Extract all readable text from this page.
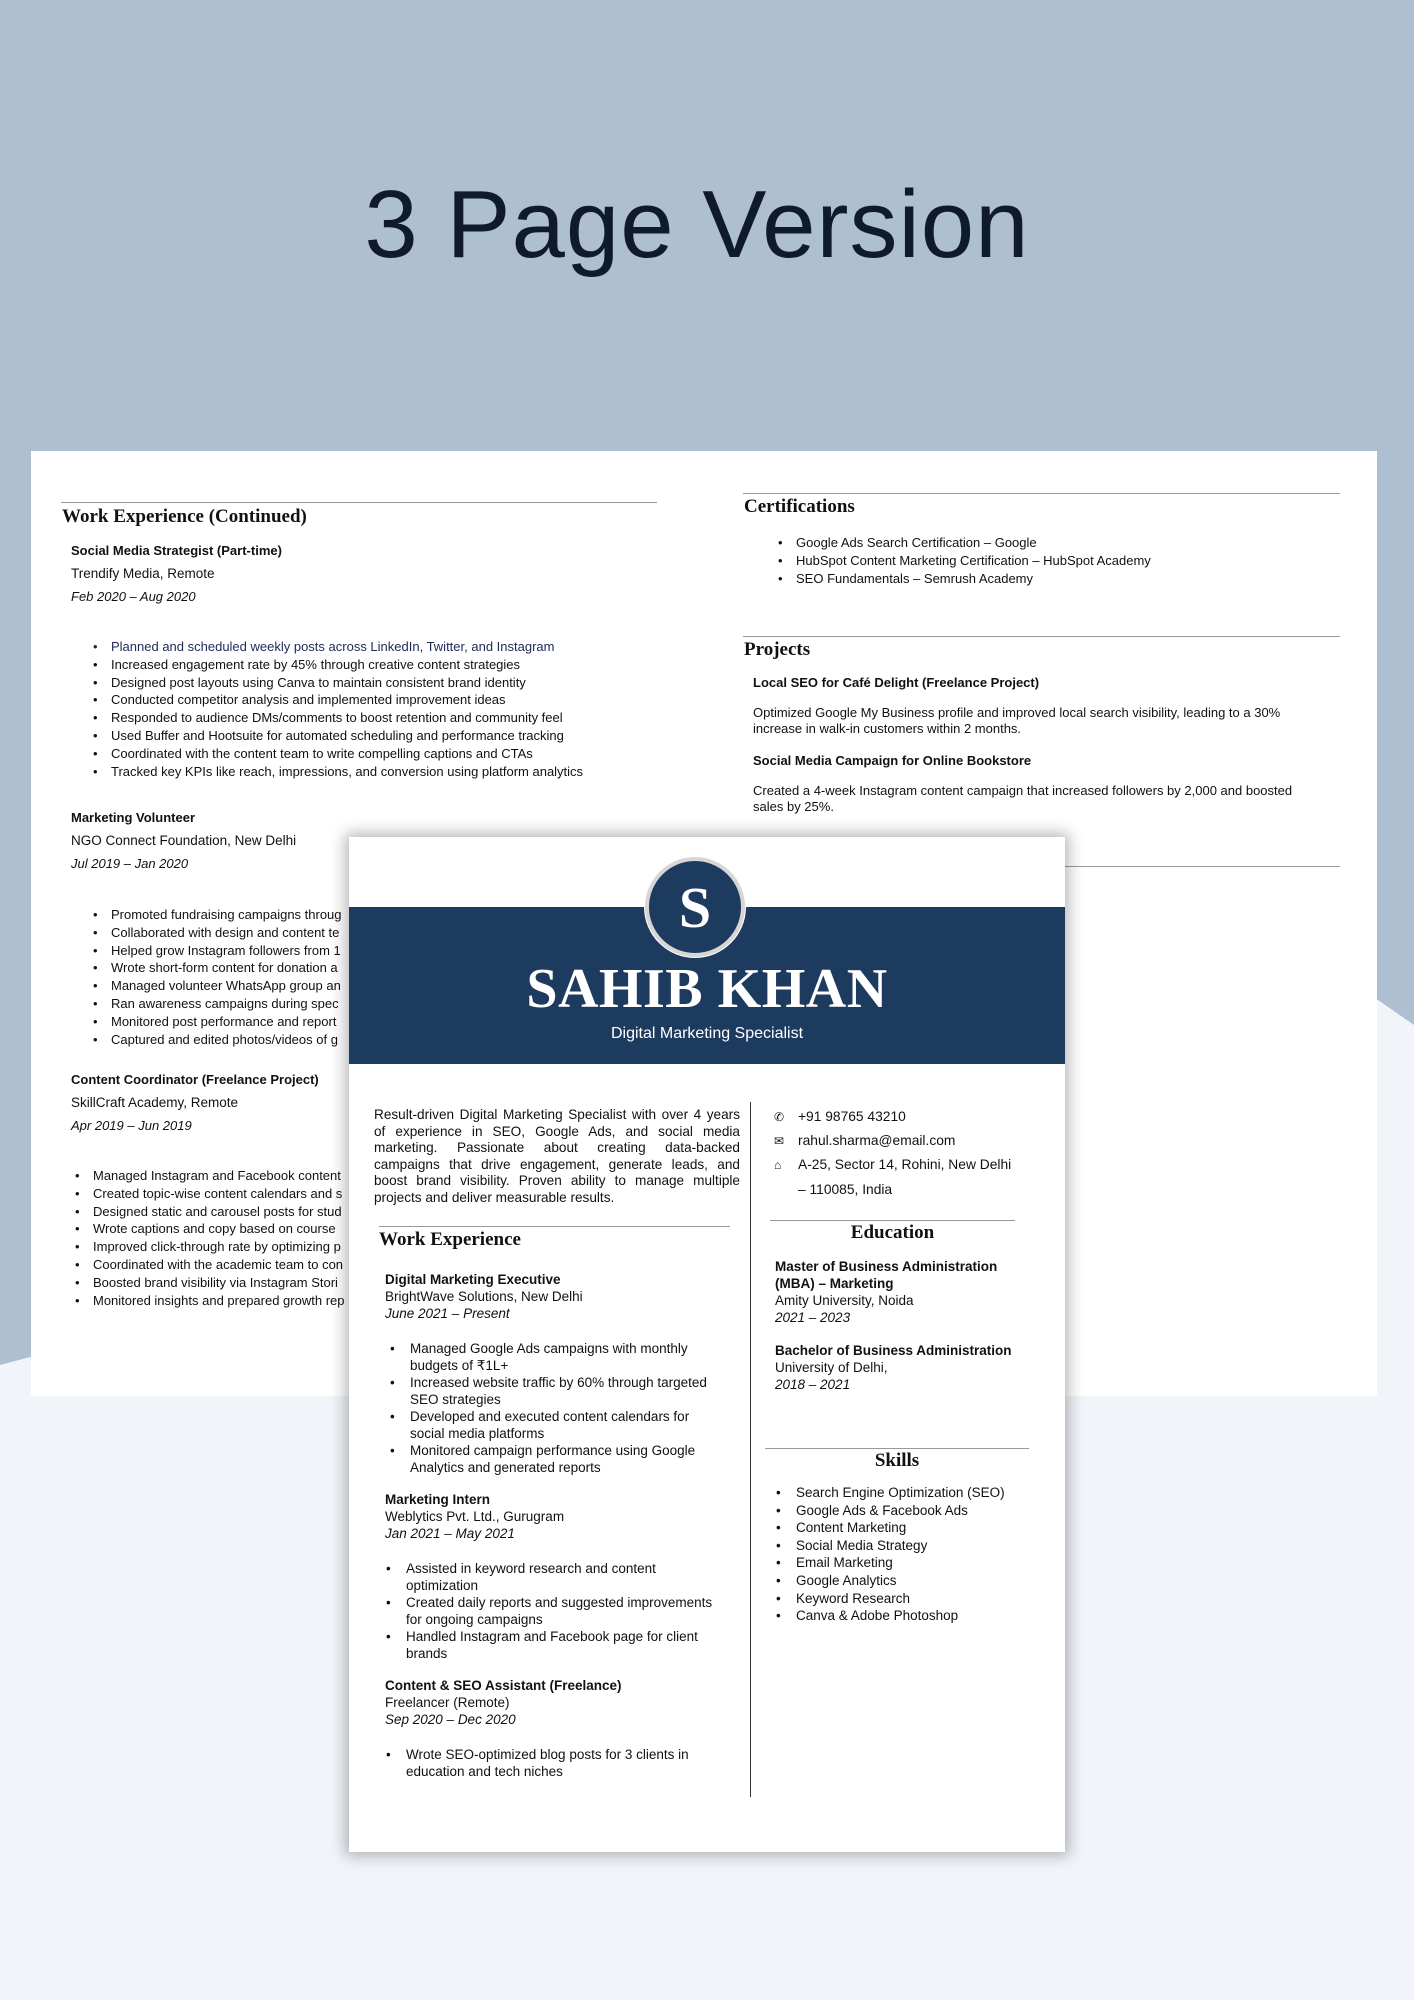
3 Page Version
Work Experience (Continued)
Social Media Strategist (Part-time)
Trendify Media, Remote
Feb 2020 – Aug 2020
• Planned and scheduled weekly posts across LinkedIn, Twitter, and Instagram
• Increased engagement rate by 45% through creative content strategies
• Designed post layouts using Canva to maintain consistent brand identity
• Conducted competitor analysis and implemented improvement ideas
• Responded to audience DMs/comments to boost retention and community feel
• Used Buffer and Hootsuite for automated scheduling and performance tracking
• Coordinated with the content team to write compelling captions and CTAs
• Tracked key KPIs like reach, impressions, and conversion using platform analytics
Marketing Volunteer
NGO Connect Foundation, New Delhi
Jul 2019 – Jan 2020
• Promoted fundraising campaigns throug
• Collaborated with design and content te
• Helped grow Instagram followers from 1
• Wrote short-form content for donation a
• Managed volunteer WhatsApp group an
• Ran awareness campaigns during spec
• Monitored post performance and report
• Captured and edited photos/videos of g
Content Coordinator (Freelance Project)
SkillCraft Academy, Remote
Apr 2019 – Jun 2019
• Managed Instagram and Facebook content
• Created topic-wise content calendars and s
• Designed static and carousel posts for stud
• Wrote captions and copy based on course
• Improved click-through rate by optimizing p
• Coordinated with the academic team to con
• Boosted brand visibility via Instagram Stori
• Monitored insights and prepared growth rep
Certifications
• Google Ads Search Certification – Google
• HubSpot Content Marketing Certification – HubSpot Academy
• SEO Fundamentals – Semrush Academy
Projects
Local SEO for Café Delight (Freelance Project)
Optimized Google My Business profile and improved local search visibility, leading to a 30% increase in walk-in customers within 2 months.
Social Media Campaign for Online Bookstore
Created a 4-week Instagram content campaign that increased followers by 2,000 and boosted sales by 25%.
S
SAHIB KHAN
Digital Marketing Specialist
Result-driven Digital Marketing Specialist with over 4 years of experience in SEO, Google Ads, and social media marketing. Passionate about creating data-backed campaigns that drive engagement, generate leads, and boost brand visibility. Proven ability to manage multiple projects and deliver measurable results.
✆	+91 98765 43210
✉	rahul.sharma@email.com
⌂	A-25, Sector 14, Rohini, New Delhi
– 110085, India
Work Experience
Digital Marketing Executive
BrightWave Solutions, New Delhi
June 2021 – Present
• Managed Google Ads campaigns with monthly budgets of ₹1L+
• Increased website traffic by 60% through targeted SEO strategies
• Developed and executed content calendars for social media platforms
• Monitored campaign performance using Google Analytics and generated reports
Marketing Intern
Weblytics Pvt. Ltd., Gurugram
Jan 2021 – May 2021
• Assisted in keyword research and content optimization
• Created daily reports and suggested improvements for ongoing campaigns
• Handled Instagram and Facebook page for client brands
Content & SEO Assistant (Freelance)
Freelancer (Remote)
Sep 2020 – Dec 2020
• Wrote SEO-optimized blog posts for 3 clients in education and tech niches
Education
Master of Business Administration (MBA) – Marketing
Amity University, Noida
2021 – 2023
Bachelor of Business Administration
University of Delhi,
2018 – 2021
Skills
• Search Engine Optimization (SEO)
• Google Ads & Facebook Ads
• Content Marketing
• Social Media Strategy
• Email Marketing
• Google Analytics
• Keyword Research
• Canva & Adobe Photoshop
